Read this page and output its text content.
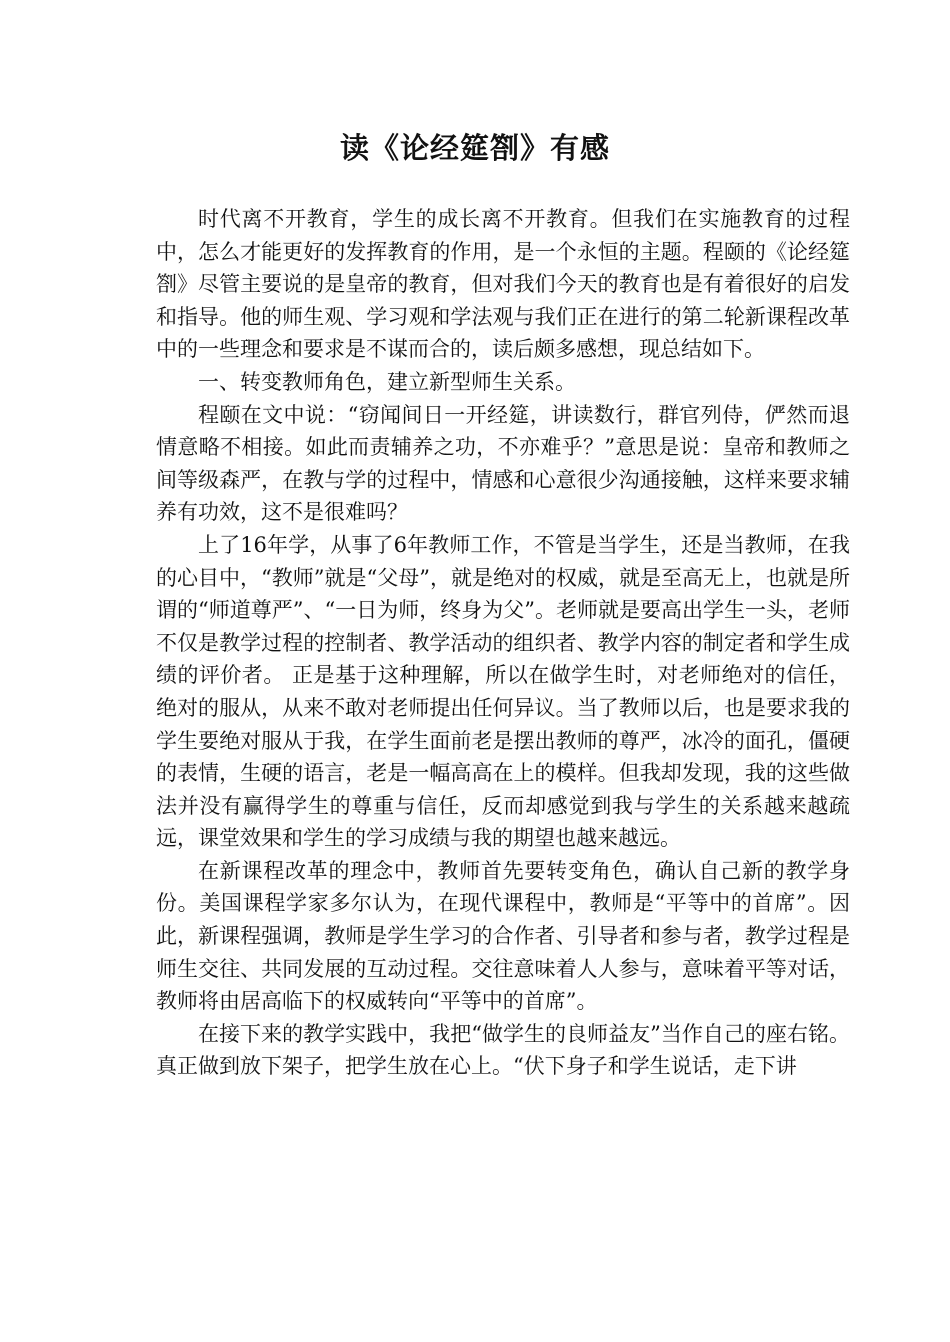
读《论经筵劄》有感

时代离不开教育，学生的成长离不开教育。但我们在实施教育的过程中，怎么才能更好的发挥教育的作用，是一个永恒的主题。程颐的《论经筵劄》尽管主要说的是皇帝的教育，但对我们今天的教育也是有着很好的启发和指导。他的师生观、学习观和学法观与我们正在进行的第二轮新课程改革中的一些理念和要求是不谋而合的，读后颇多感想，现总结如下。

一、转变教师角色，建立新型师生关系。

程颐在文中说：“窃闻间日一开经筵，讲读数行，群官列侍，俨然而退情意略不相接。如此而责辅养之功，不亦难乎？”意思是说：皇帝和教师之间等级森严，在教与学的过程中，情感和心意很少沟通接触，这样来要求辅养有功效，这不是很难吗？

上了16年学，从事了6年教师工作，不管是当学生，还是当教师，在我的心目中，“教师”就是“父母”，就是绝对的权威，就是至高无上，也就是所谓的“师道尊严”、“一日为师，终身为父”。老师就是要高出学生一头，老师不仅是教学过程的控制者、教学活动的组织者、教学内容的制定者和学生成绩的评价者。 正是基于这种理解，所以在做学生时，对老师绝对的信任，绝对的服从，从来不敢对老师提出任何异议。当了教师以后，也是要求我的学生要绝对服从于我，在学生面前老是摆出教师的尊严，冰冷的面孔，僵硬的表情，生硬的语言，老是一幅高高在上的模样。但我却发现，我的这些做法并没有赢得学生的尊重与信任，反而却感觉到我与学生的关系越来越疏远，课堂效果和学生的学习成绩与我的期望也越来越远。

在新课程改革的理念中，教师首先要转变角色，确认自己新的教学身份。美国课程学家多尔认为，在现代课程中，教师是“平等中的首席”。因此，新课程强调，教师是学生学习的合作者、引导者和参与者，教学过程是师生交往、共同发展的互动过程。交往意味着人人参与，意味着平等对话，教师将由居高临下的权威转向“平等中的首席”。

在接下来的教学实践中，我把“做学生的良师益友”当作自己的座右铭。真正做到放下架子，把学生放在心上。“伏下身子和学生说话，走下讲
